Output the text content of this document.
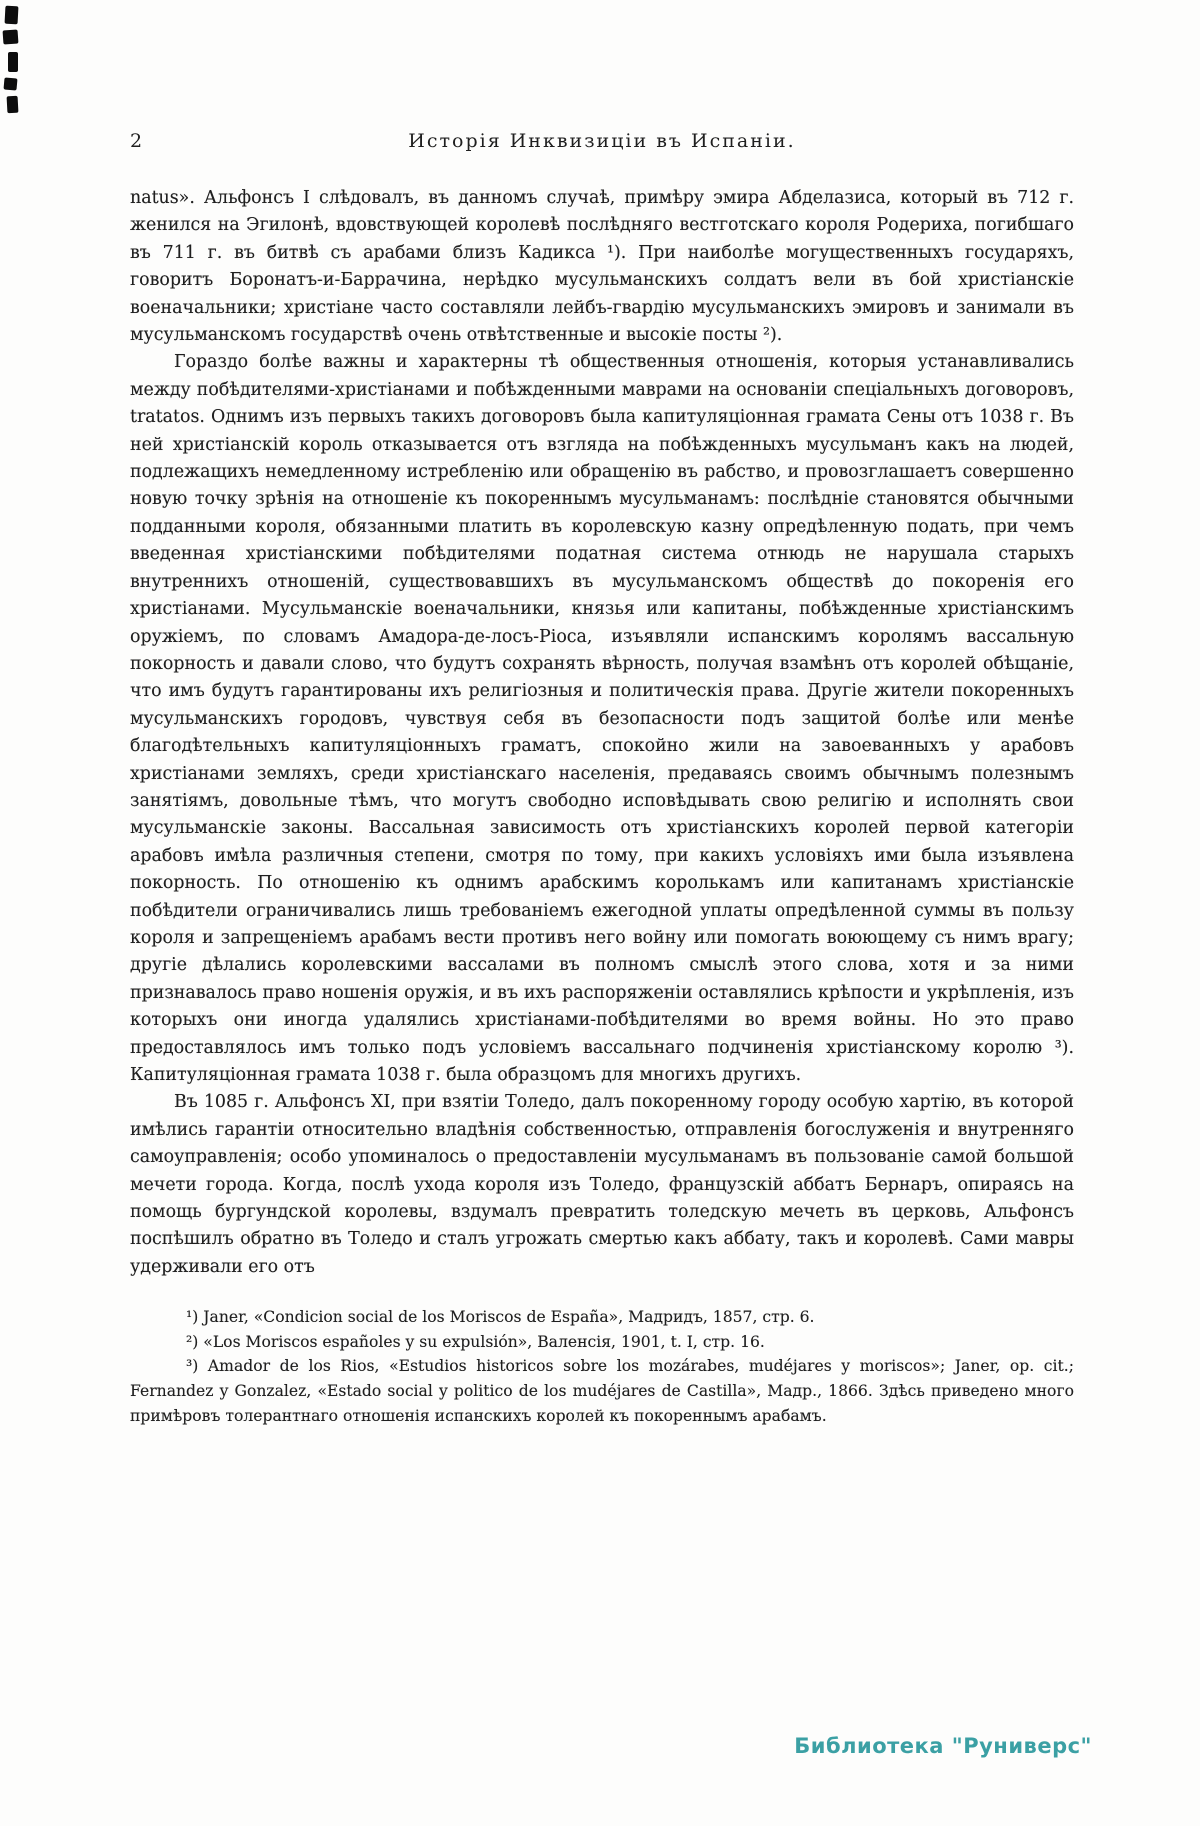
2	Исторія Инквизиціи въ Испаніи.

natus». Альфонсъ I слѣдовалъ, въ данномъ случаѣ, примѣру эмира Абделазиса, который въ 712 г. женился на Эгилонѣ, вдовствующей королевѣ послѣдняго вестготскаго короля Родериха, погибшаго въ 711 г. въ битвѣ съ арабами близъ Кадикса ¹). При наиболѣе могущественныхъ государяхъ, говоритъ Боронатъ-и-Баррачина, нерѣдко мусульманскихъ солдатъ вели въ бой христіанскіе военачальники; христіане часто составляли лейбъ-гвардію мусульманскихъ эмировъ и занимали въ мусульманскомъ государствѣ очень отвѣтственные и высокіе посты ²).

Гораздо болѣе важны и характерны тѣ общественныя отношенія, которыя устанавливались между побѣдителями-христіанами и побѣжденными маврами на основаніи спеціальныхъ договоровъ, tratatos. Однимъ изъ первыхъ такихъ договоровъ была капитуляціонная грамата Сены отъ 1038 г. Въ ней христіанскій король отказывается отъ взгляда на побѣжденныхъ мусульманъ какъ на людей, подлежащихъ немедленному истребленію или обращенію въ рабство, и провозглашаетъ совершенно новую точку зрѣнія на отношеніе къ покореннымъ мусульманамъ: послѣдніе становятся обычными подданными короля, обязанными платить въ королевскую казну опредѣленную подать, при чемъ введенная христіанскими побѣдителями податная система отнюдь не нарушала старыхъ внутреннихъ отношеній, существовавшихъ въ мусульманскомъ обществѣ до покоренія его христіанами. Мусульманскіе военачальники, князья или капитаны, побѣжденные христіанскимъ оружіемъ, по словамъ Амадора-де-лосъ-Ріоса, изъявляли испанскимъ королямъ вассальную покорность и давали слово, что будутъ сохранять вѣрность, получая взамѣнъ отъ королей обѣщаніе, что имъ будутъ гарантированы ихъ религіозныя и политическія права. Другіе жители покоренныхъ мусульманскихъ городовъ, чувствуя себя въ безопасности подъ защитой болѣе или менѣе благодѣтельныхъ капитуляціонныхъ граматъ, спокойно жили на завоеванныхъ у арабовъ христіанами земляхъ, среди христіанскаго населенія, предаваясь своимъ обычнымъ полезнымъ занятіямъ, довольные тѣмъ, что могутъ свободно исповѣдывать свою религію и исполнять свои мусульманскіе законы. Вассальная зависимость отъ христіанскихъ королей первой категоріи арабовъ имѣла различныя степени, смотря по тому, при какихъ условіяхъ ими была изъявлена покорность. По отношенію къ однимъ арабскимъ королькамъ или капитанамъ христіанскіе побѣдители ограничивались лишь требованіемъ ежегодной уплаты опредѣленной суммы въ пользу короля и запрещеніемъ арабамъ вести противъ него войну или помогать воюющему съ нимъ врагу; другіе дѣлались королевскими вассалами въ полномъ смыслѣ этого слова, хотя и за ними признавалось право ношенія оружія, и въ ихъ распоряженіи оставлялись крѣпости и укрѣпленія, изъ которыхъ они иногда удалялись христіанами-побѣдителями во время войны. Но это право предоставлялось имъ только подъ условіемъ вассальнаго подчиненія христіанскому королю ³). Капитуляціонная грамата 1038 г. была образцомъ для многихъ другихъ.

Въ 1085 г. Альфонсъ XI, при взятіи Толедо, далъ покоренному городу особую хартію, въ которой имѣлись гарантіи относительно владѣнія собственностью, отправленія богослуженія и внутренняго самоуправленія; особо упоминалось о предоставленіи мусульманамъ въ пользованіе самой большой мечети города. Когда, послѣ ухода короля изъ Толедо, французскій аббатъ Бернаръ, опираясь на помощь бургундской королевы, вздумалъ превратить толедскую мечеть въ церковь, Альфонсъ поспѣшилъ обратно въ Толедо и сталъ угрожать смертью какъ аббату, такъ и королевѣ. Сами мавры удерживали его отъ

¹) Janer, «Condicion social de los Moriscos de España», Мадридъ, 1857, стр. 6.

²) «Los Moriscos españoles y su expulsión», Валенсія, 1901, t. I, стр. 16.

³) Amador de los Rios, «Estudios historicos sobre los mozárabes, mudéjares y moriscos»; Janer, op. cit.; Fernandez y Gonzalez, «Estado social y politico de los mudéjares de Castilla», Мадр., 1866. Здѣсь приведено много примѣровъ толерантнаго отношенія испанскихъ королей къ покореннымъ арабамъ.

Библиотека "Руниверс"
